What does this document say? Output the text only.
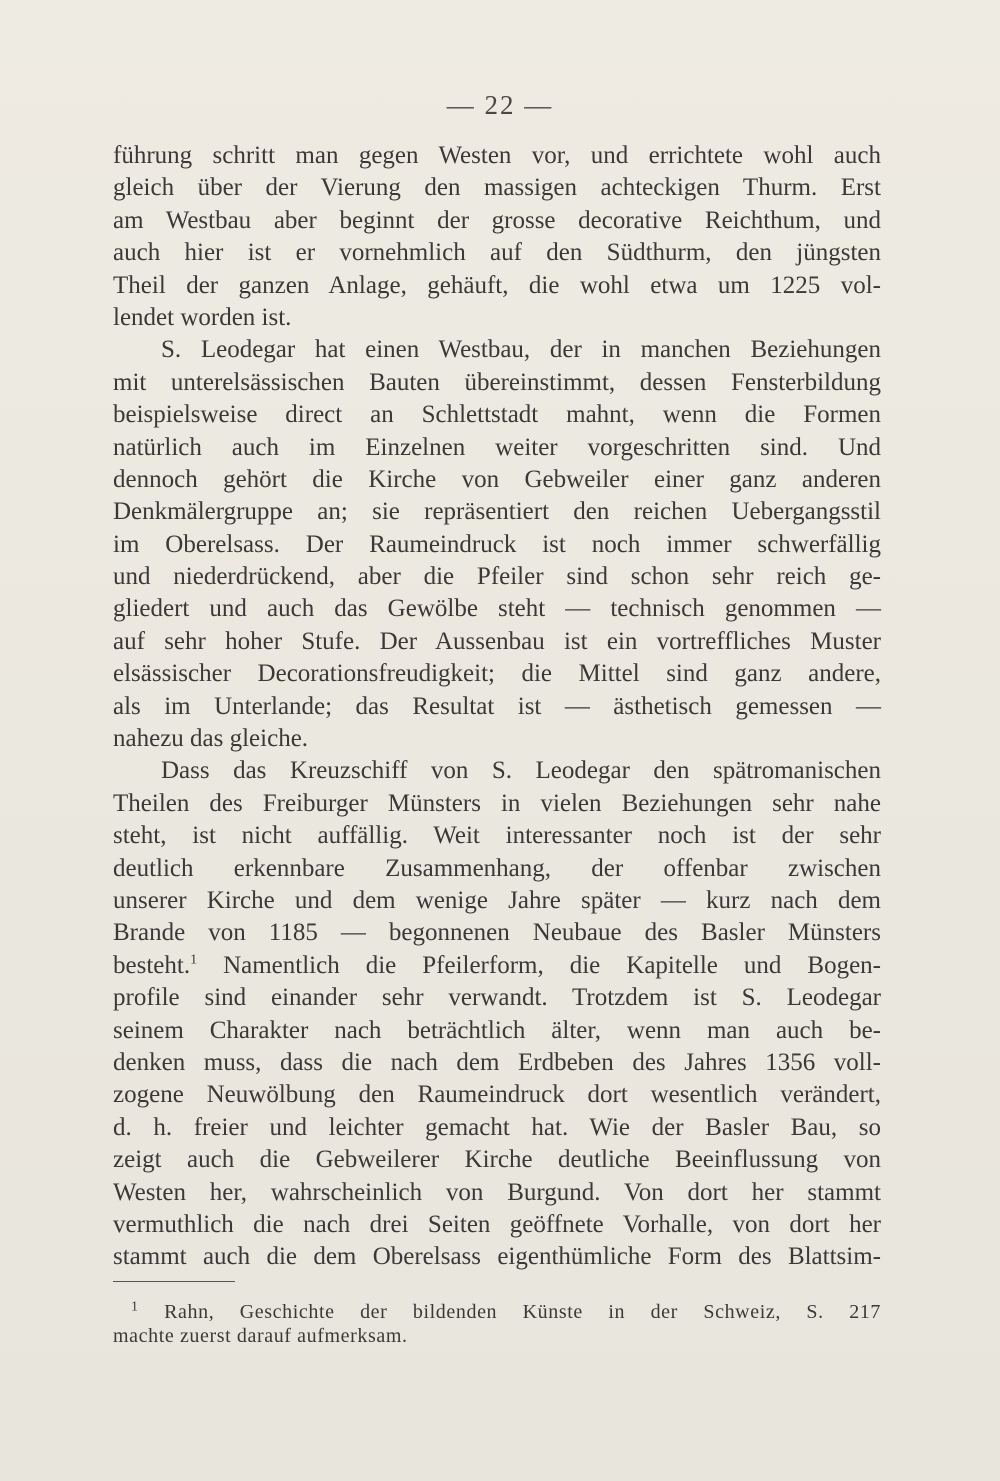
— 22 —
führung schritt man gegen Westen vor, und errichtete wohl auch
gleich über der Vierung den massigen achteckigen Thurm. Erst
am Westbau aber beginnt der grosse decorative Reichthum, und
auch hier ist er vornehmlich auf den Südthurm, den jüngsten
Theil der ganzen Anlage, gehäuft, die wohl etwa um 1225 vol-
lendet worden ist.
S. Leodegar hat einen Westbau, der in manchen Beziehungen
mit unterelsässischen Bauten übereinstimmt, dessen Fensterbildung
beispielsweise direct an Schlettstadt mahnt, wenn die Formen
natürlich auch im Einzelnen weiter vorgeschritten sind. Und
dennoch gehört die Kirche von Gebweiler einer ganz anderen
Denkmälergruppe an; sie repräsentiert den reichen Uebergangsstil
im Oberelsass. Der Raumeindruck ist noch immer schwerfällig
und niederdrückend, aber die Pfeiler sind schon sehr reich ge-
gliedert und auch das Gewölbe steht — technisch genommen —
auf sehr hoher Stufe. Der Aussenbau ist ein vortreffliches Muster
elsässischer Decorationsfreudigkeit; die Mittel sind ganz andere,
als im Unterlande; das Resultat ist — ästhetisch gemessen —
nahezu das gleiche.
Dass das Kreuzschiff von S. Leodegar den spätromanischen
Theilen des Freiburger Münsters in vielen Beziehungen sehr nahe
steht, ist nicht auffällig. Weit interessanter noch ist der sehr
deutlich erkennbare Zusammenhang, der offenbar zwischen
unserer Kirche und dem wenige Jahre später — kurz nach dem
Brande von 1185 — begonnenen Neubaue des Basler Münsters
besteht.$^1$ Namentlich die Pfeilerform, die Kapitelle und Bogen-
profile sind einander sehr verwandt. Trotzdem ist S. Leodegar
seinem Charakter nach beträchtlich älter, wenn man auch be-
denken muss, dass die nach dem Erdbeben des Jahres 1356 voll-
zogene Neuwölbung den Raumeindruck dort wesentlich verändert,
d. h. freier und leichter gemacht hat. Wie der Basler Bau, so
zeigt auch die Gebweilerer Kirche deutliche Beeinflussung von
Westen her, wahrscheinlich von Burgund. Von dort her stammt
vermuthlich die nach drei Seiten geöffnete Vorhalle, von dort her
stammt auch die dem Oberelsass eigenthümliche Form des Blattsim-
$^1$ Rahn, Geschichte der bildenden Künste in der Schweiz, S. 217
machte zuerst darauf aufmerksam.
